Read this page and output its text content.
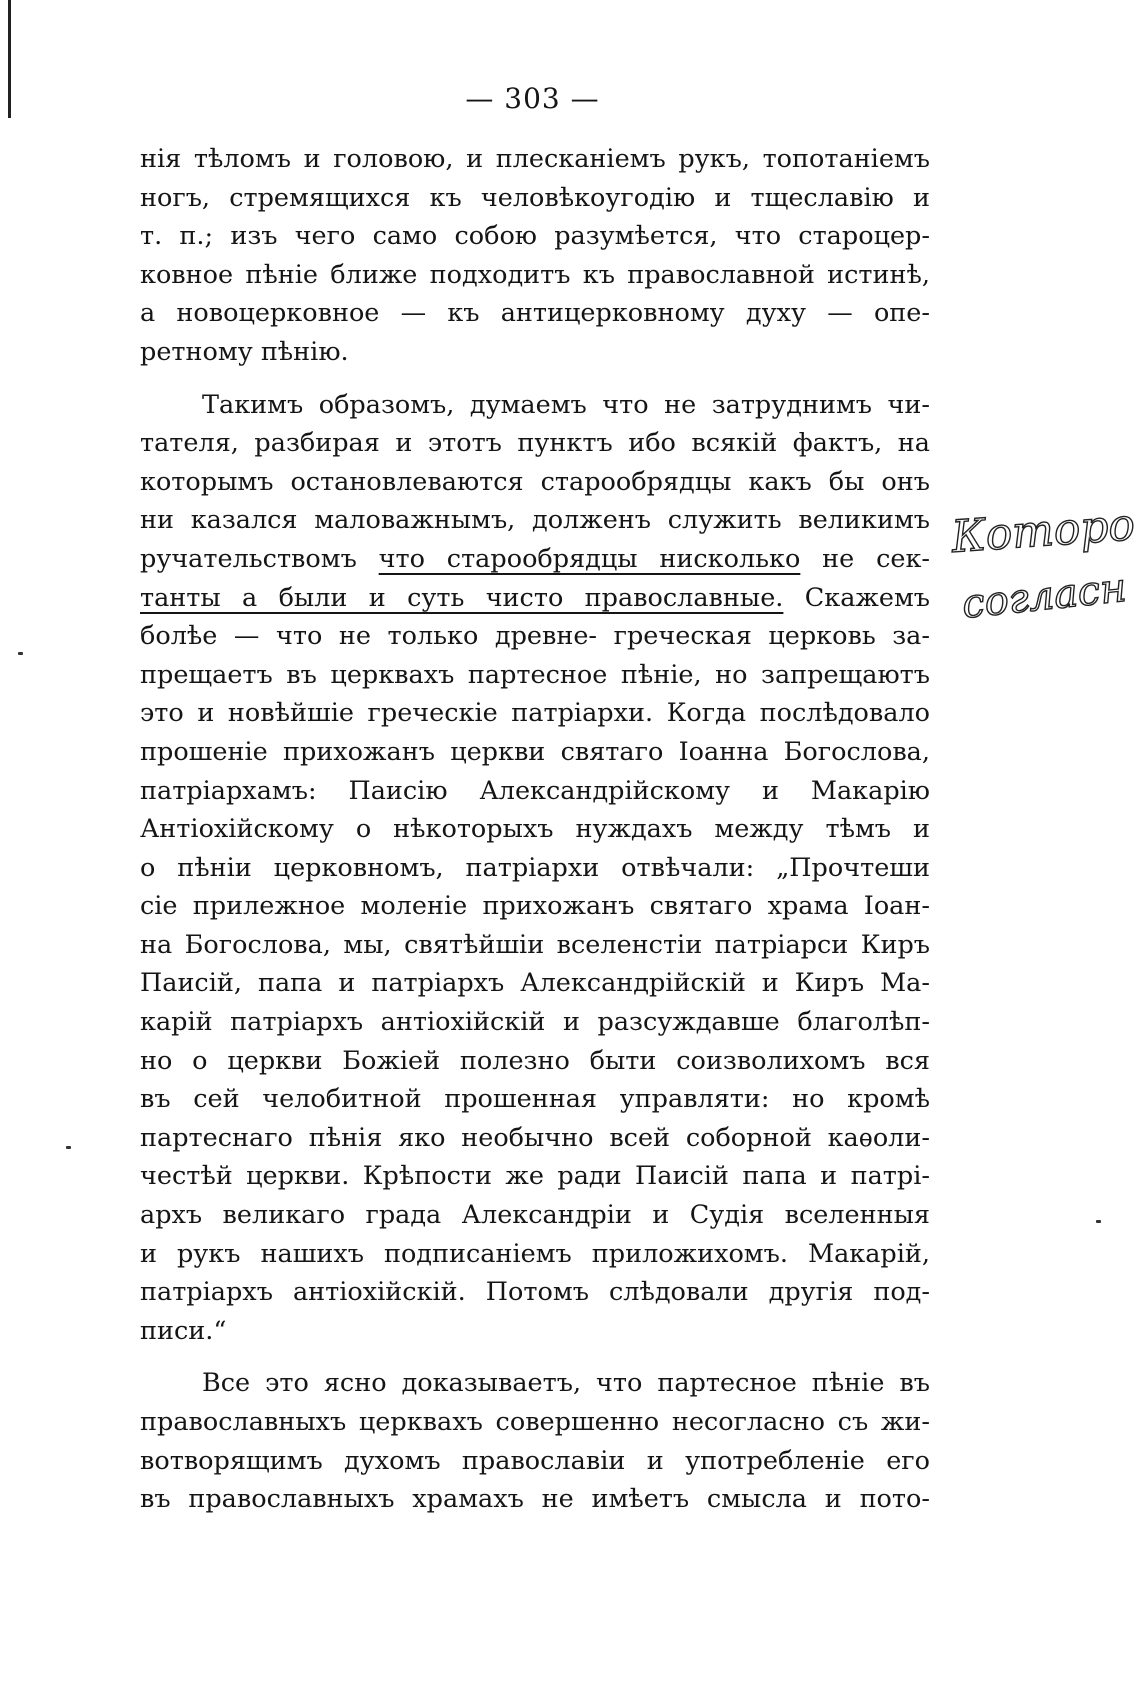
— 303 —
нія тѣломъ и головою, и плесканіемъ рукъ, топотаніемъ
ногъ, стремящихся къ человѣкоугодію и тщеславію и
т. п.; изъ чего само собою разумѣется, что староцер-
ковное пѣніе ближе подходитъ къ православной истинѣ,
а новоцерковное — къ антицерковному духу — опе-
ретному пѣнію.
Такимъ образомъ, думаемъ что не затруднимъ чи-
тателя, разбирая и этотъ пунктъ ибо всякій фактъ, на
которымъ остановлеваются старообрядцы какъ бы онъ
ни казался маловажнымъ, долженъ служить великимъ
ручательствомъ что старообрядцы нисколько не сек-
танты а были и суть чисто православные. Скажемъ
болѣе — что не только древне- греческая церковь за-
прещаетъ въ церквахъ партесное пѣніе, но запрещаютъ
это и новѣйшіе греческіе патріархи. Когда послѣдовало
прошеніе прихожанъ церкви святаго Іоанна Богослова,
патріархамъ: Паисію Александрійскому и Макарію
Антіохійскому о нѣкоторыхъ нуждахъ между тѣмъ и
о пѣніи церковномъ, патріархи отвѣчали: „Прочтеши
сіе прилежное моленіе прихожанъ святаго храма Іоан-
на Богослова, мы, святѣйшіи вселенстіи патріарси Киръ
Паисій, папа и патріархъ Александрійскій и Киръ Ма-
карій патріархъ антіохійскій и разсуждавше благолѣп-
но о церкви Божіей полезно быти соизволихомъ вся
въ сей челобитной прошенная управляти: но кромѣ
партеснаго пѣнія яко необычно всей соборной каѳоли-
честѣй церкви. Крѣпости же ради Паисій папа и патрі-
архъ великаго града Александріи и Судія вселенныя
и рукъ нашихъ подписаніемъ приложихомъ. Макарій,
патріархъ антіохійскій. Потомъ слѣдовали другія под-
писи.“
Все это ясно доказываетъ, что партесное пѣніе въ
православныхъ церквахъ совершенно несогласно съ жи-
вотворящимъ духомъ православіи и употребленіе его
въ православныхъ храмахъ не имѣетъ смысла и пото-
Которо
согласн
